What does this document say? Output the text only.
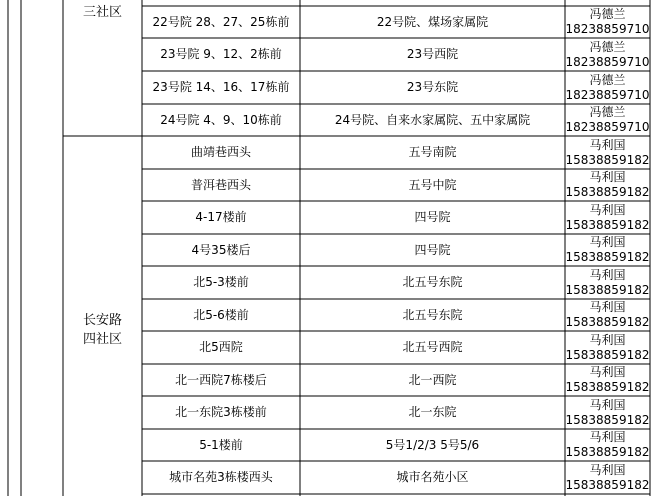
三社区
长安路
四社区
22号院 28、27、25栋前	22号院、煤场家属院
冯德兰
18238859710
23号院 9、12、2栋前	23号西院
冯德兰
18238859710
23号院 14、16、17栋前	23号东院
冯德兰
18238859710
24号院 4、9、10栋前	24号院、自来水家属院、五中家属院
冯德兰
18238859710
曲靖巷西头	五号南院
马利国
15838859182
普洱巷西头	五号中院
马利国
15838859182
4-17楼前	四号院
马利国
15838859182
4号35楼后	四号院
马利国
15838859182
北5-3楼前	北五号东院
马利国
15838859182
北5-6楼前	北五号东院
马利国
15838859182
北5西院	北五号西院
马利国
15838859182
北一西院7栋楼后	北一西院
马利国
15838859182
北一东院3栋楼前	北一东院
马利国
15838859182
5-1楼前	5号1/2/3 5号5/6
马利国
15838859182
城市名苑3栋楼西头	城市名苑小区
马利国
15838859182
